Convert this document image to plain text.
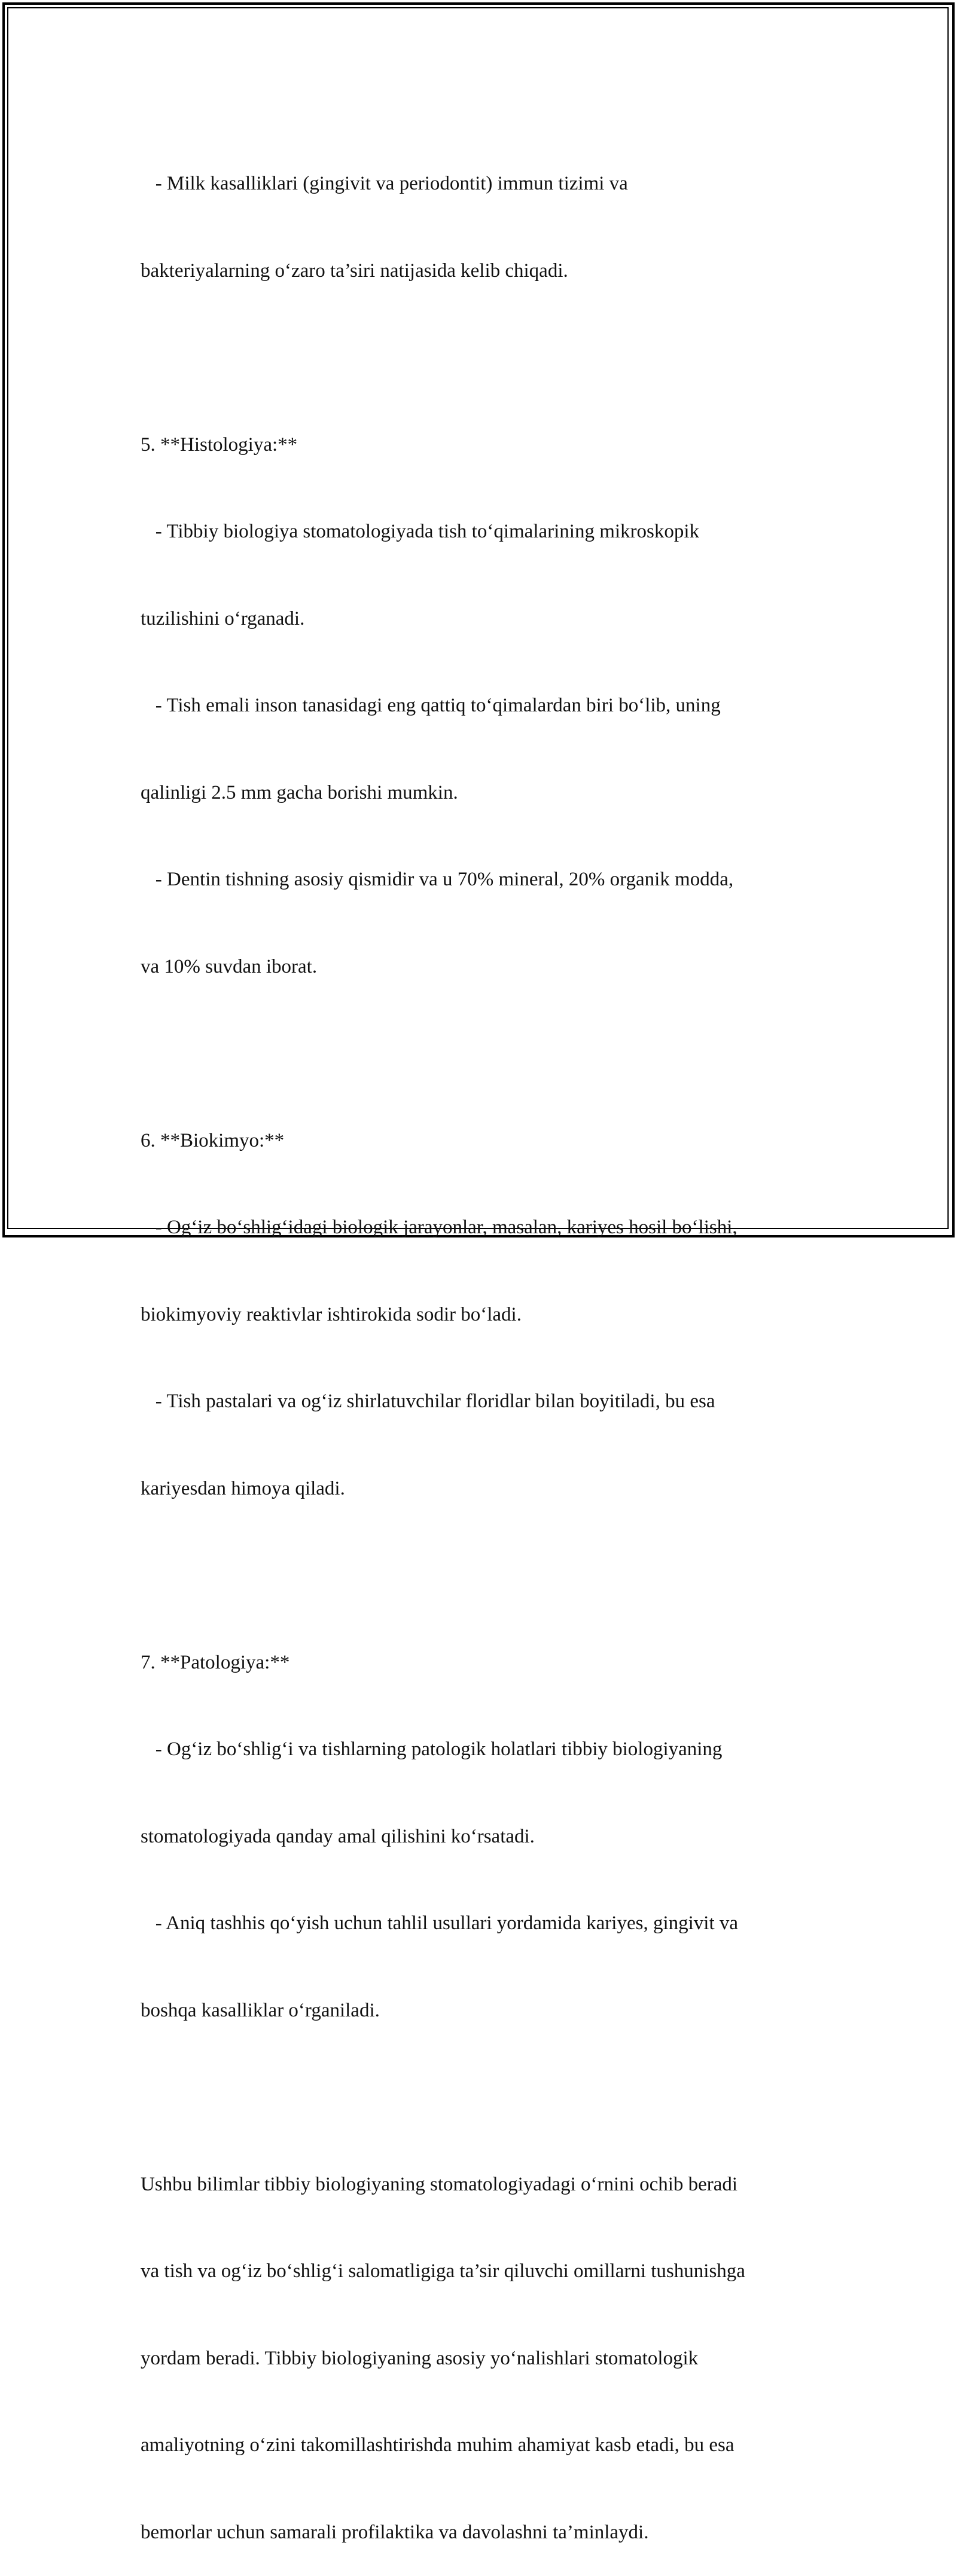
- Milk kasalliklari (gingivit va periodontit) immun tizimi va

bakteriyalarning o‘zaro ta’siri natijasida kelib chiqadi.

5. **Histologiya:**

- Tibbiy biologiya stomatologiyada tish to‘qimalarining mikroskopik

tuzilishini o‘rganadi.

- Tish emali inson tanasidagi eng qattiq to‘qimalardan biri bo‘lib, uning

qalinligi 2.5 mm gacha borishi mumkin.

- Dentin tishning asosiy qismidir va u 70% mineral, 20% organik modda,

va 10% suvdan iborat.

6. **Biokimyo:**

- Og‘iz bo‘shlig‘idagi biologik jarayonlar, masalan, kariyes hosil bo‘lishi,

biokimyoviy reaktivlar ishtirokida sodir bo‘ladi.

- Tish pastalari va og‘iz shirlatuvchilar floridlar bilan boyitiladi, bu esa

kariyesdan himoya qiladi.

7. **Patologiya:**

- Og‘iz bo‘shlig‘i va tishlarning patologik holatlari tibbiy biologiyaning

stomatologiyada qanday amal qilishini ko‘rsatadi.

- Aniq tashhis qo‘yish uchun tahlil usullari yordamida kariyes, gingivit va

boshqa kasalliklar o‘rganiladi.

Ushbu bilimlar tibbiy biologiyaning stomatologiyadagi o‘rnini ochib beradi

va tish va og‘iz bo‘shlig‘i salomatligiga ta’sir qiluvchi omillarni tushunishga

yordam beradi. Tibbiy biologiyaning asosiy yo‘nalishlari stomatologik

amaliyotning o‘zini takomillashtirishda muhim ahamiyat kasb etadi, bu esa

bemorlar uchun samarali profilaktika va davolashni ta’minlaydi.
